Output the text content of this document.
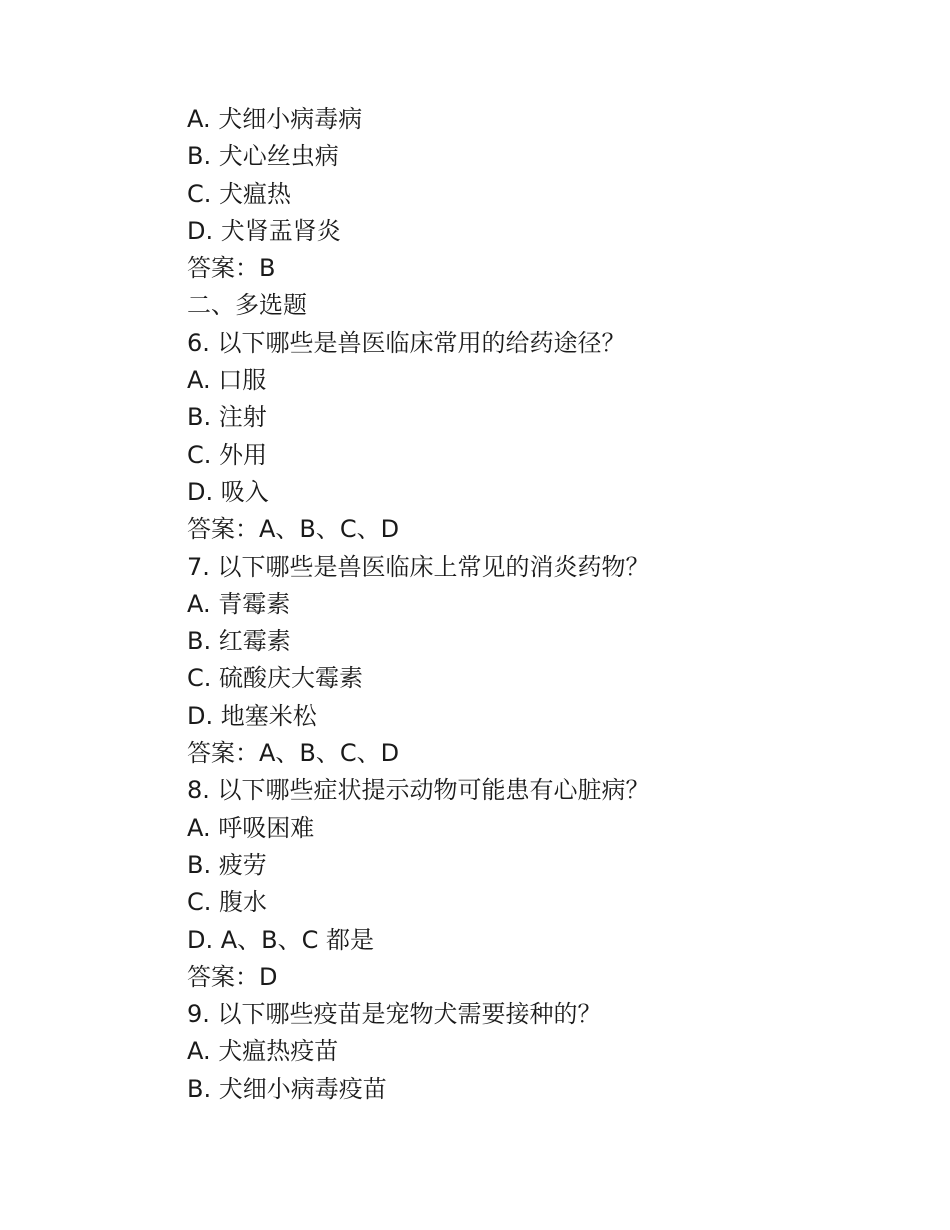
A. 犬细小病毒病
B. 犬心丝虫病
C. 犬瘟热
D. 犬肾盂肾炎
答案：B
二、多选题
6. 以下哪些是兽医临床常用的给药途径？
A. 口服
B. 注射
C. 外用
D. 吸入
答案：A、B、C、D
7. 以下哪些是兽医临床上常见的消炎药物？
A. 青霉素
B. 红霉素
C. 硫酸庆大霉素
D. 地塞米松
答案：A、B、C、D
8. 以下哪些症状提示动物可能患有心脏病？
A. 呼吸困难
B. 疲劳
C. 腹水
D. A、B、C 都是
答案：D
9. 以下哪些疫苗是宠物犬需要接种的？
A. 犬瘟热疫苗
B. 犬细小病毒疫苗
